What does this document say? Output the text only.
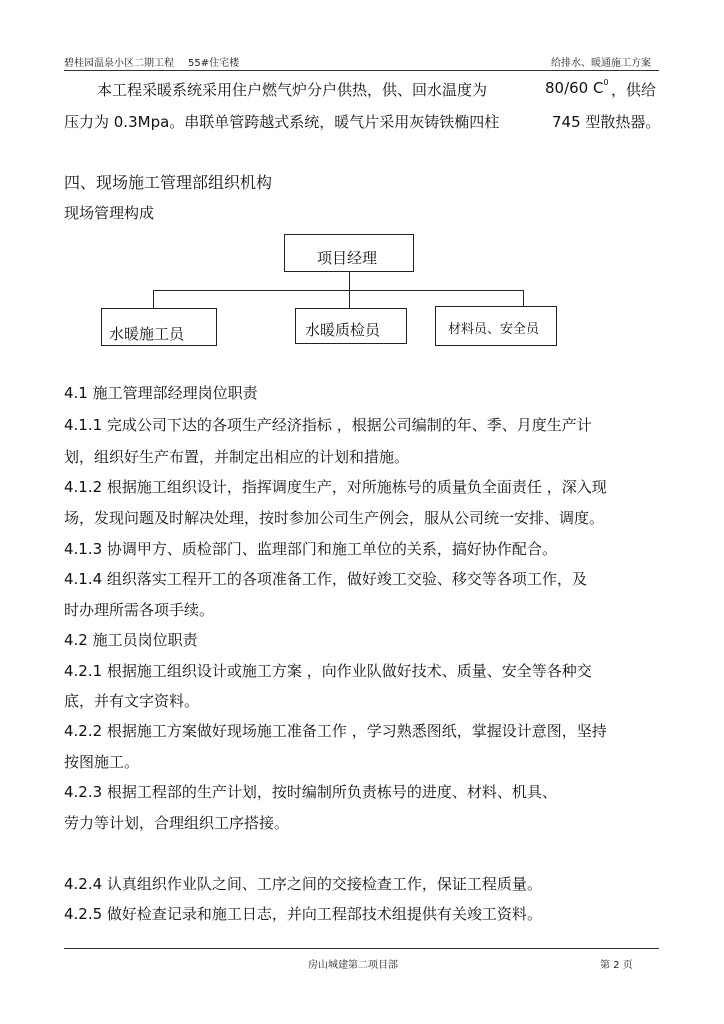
碧桂园温泉小区二期工程 55#住宅楼	给排水、暖通施工方案
本工程采暖系统采用住户燃气炉分户供热，供、回水温度为	80/60 $C^0$ ，供给
压力为 0.3Mpa。串联单管跨越式系统，暖气片采用灰铸铁椭四柱	745 型散热器。
四、现场施工管理部组织机构
现场管理构成
项目经理
水暖施工员	水暖质检员	材料员、安全员
4.1 施工管理部经理岗位职责
4.1.1 完成公司下达的各项生产经济指标 ，根据公司编制的年、季、月度生产计
划，组织好生产布置，并制定出相应的计划和措施。
4.1.2 根据施工组织设计，指挥调度生产，对所施栋号的质量负全面责任 ，深入现
场，发现问题及时解决处理，按时参加公司生产例会，服从公司统一安排、调度。
4.1.3 协调甲方、质检部门、监理部门和施工单位的关系，搞好协作配合。
4.1.4 组织落实工程开工的各项准备工作，做好竣工交验、移交等各项工作，及
时办理所需各项手续。
4.2 施工员岗位职责
4.2.1 根据施工组织设计或施工方案 ，向作业队做好技术、质量、安全等各种交
底，并有文字资料。
4.2.2 根据施工方案做好现场施工准备工作 ，学习熟悉图纸，掌握设计意图，坚持
按图施工。
4.2.3 根据工程部的生产计划，按时编制所负责栋号的进度、材料、机具、
劳力等计划，合理组织工序搭接。
4.2.4 认真组织作业队之间、工序之间的交接检查工作，保证工程质量。
4.2.5 做好检查记录和施工日志，并向工程部技术组提供有关竣工资料。
房山城建第二项目部	第 2 页
